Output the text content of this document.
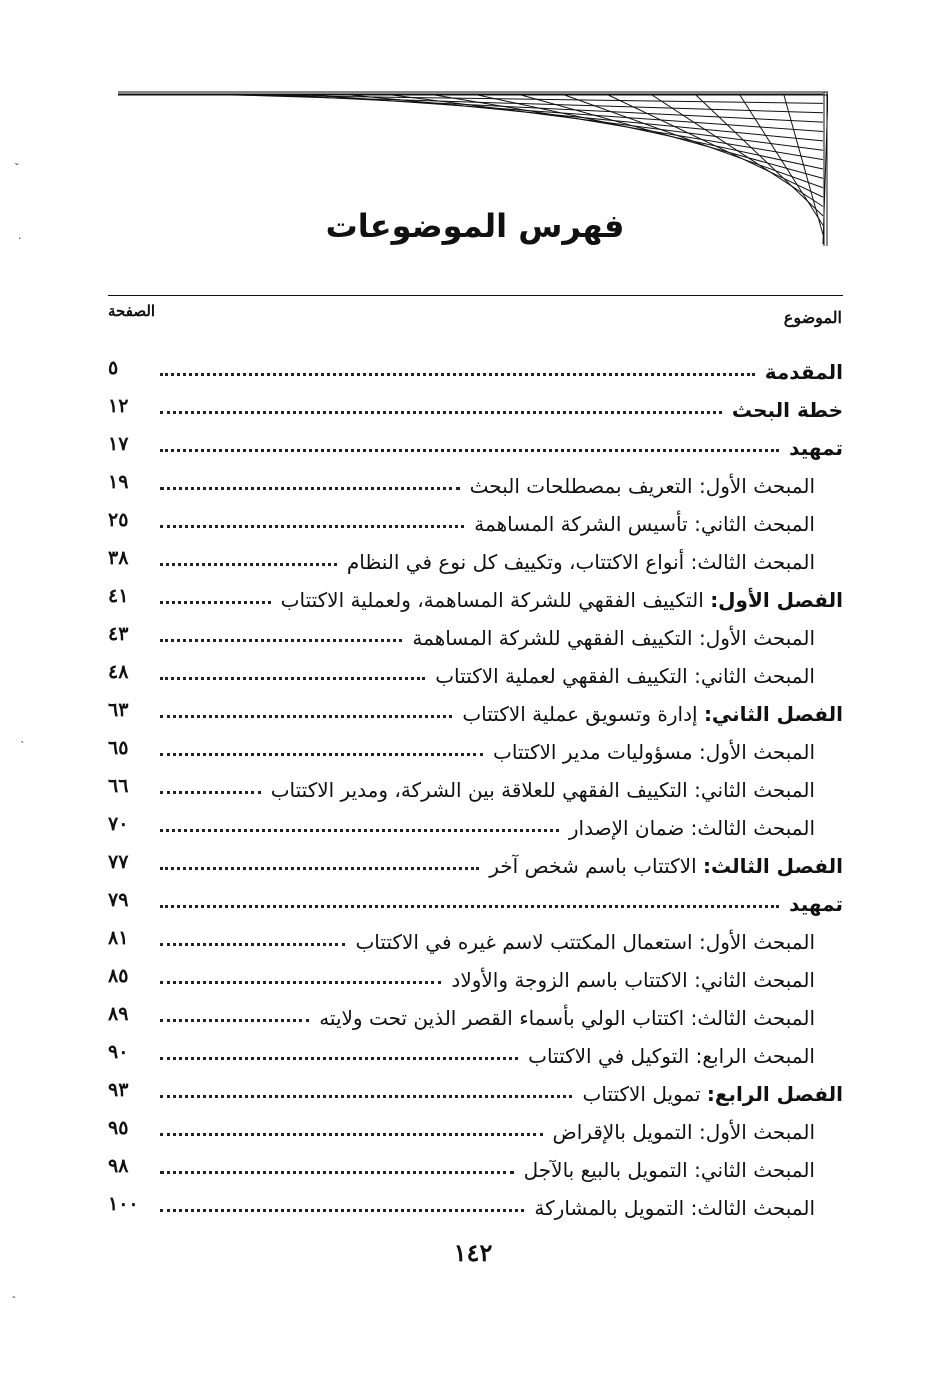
فهرس الموضوعات
الموضوع
الصفحة
المقدمة
٥
خطة البحث
١٢
تمهيد
١٧
المبحث الأول: التعريف بمصطلحات البحث
١٩
المبحث الثاني: تأسيس الشركة المساهمة
٢٥
المبحث الثالث: أنواع الاكتتاب، وتكييف كل نوع في النظام
٣٨
الفصل الأول: التكييف الفقهي للشركة المساهمة، ولعملية الاكتتاب
٤١
المبحث الأول: التكييف الفقهي للشركة المساهمة
٤٣
المبحث الثاني: التكييف الفقهي لعملية الاكتتاب
٤٨
الفصل الثاني: إدارة وتسويق عملية الاكتتاب
٦٣
المبحث الأول: مسؤوليات مدير الاكتتاب
٦٥
المبحث الثاني: التكييف الفقهي للعلاقة بين الشركة، ومدير الاكتتاب
٦٦
المبحث الثالث: ضمان الإصدار
٧٠
الفصل الثالث: الاكتتاب باسم شخص آخر
٧٧
تمهيد
٧٩
المبحث الأول: استعمال المكتتب لاسم غيره في الاكتتاب
٨١
المبحث الثاني: الاكتتاب باسم الزوجة والأولاد
٨٥
المبحث الثالث: اكتتاب الولي بأسماء القصر الذين تحت ولايته
٨٩
المبحث الرابع: التوكيل في الاكتتاب
٩٠
الفصل الرابع: تمويل الاكتتاب
٩٣
المبحث الأول: التمويل بالإقراض
٩٥
المبحث الثاني: التمويل بالبيع بالآجل
٩٨
المبحث الثالث: التمويل بالمشاركة
١٠٠
١٤٢
ˇ
·
ˋ
-
